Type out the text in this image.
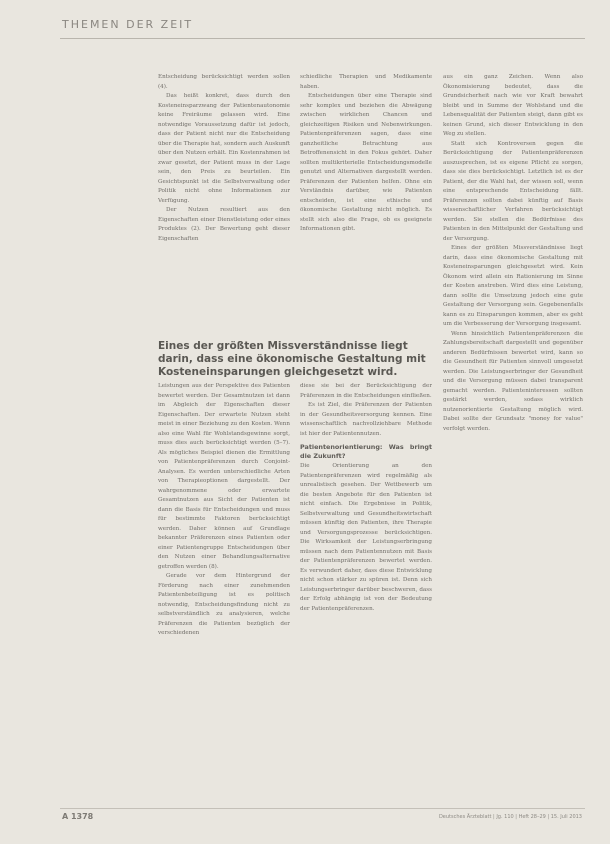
THEMEN DER ZEIT

Entscheidung berücksichtigt werden sollen (4).

Das heißt konkret, dass durch den Kosteneinsparzwang der Patientenautonomie keine Freiräume gelassen wird. Eine notwendige Voraussetzung dafür ist jedoch, dass der Patient nicht nur die Entscheidung über die Therapie hat, sondern auch Auskunft über den Nutzen erhält. Ein Kostenrahmen ist zwar gesetzt, der Patient muss in der Lage sein, den Preis zu beurteilen. Ein Gesichtspunkt ist die Selbstverwaltung oder Politik nicht ohne Informationen zur Verfügung.

Der Nutzen resultiert aus den Eigenschaften einer Dienstleistung oder eines Produktes (2). Der Bewertung geht dieser Eigenschaften

schiedliche Therapien und Medikamente haben.

Entscheidungen über eine Therapie sind sehr komplex und beziehen die Abwägung zwischen wirklichen Chancen und gleichzeitigen Risiken und Nebenwirkungen. Patientenpräferenzen sagen, dass eine ganzheitliche Betrachtung aus Betroffenensicht in den Fokus gehört. Daher sollten multikriterielle Entscheidungsmodelle genutzt und Alternativen dargestellt werden. Präferenzen der Patienten helfen. Ohne ein Verständnis darüber, wie Patienten entscheiden, ist eine ethische und ökonomische Gestaltung nicht möglich. Es stellt sich also die Frage, ob es geeignete Informationen gibt.

aus ein ganz Zeichen. Wenn also Ökonomisierung bedeutet, dass die Grundsicherheit nach wie vor Kraft bewahrt bleibt und in Summe der Wohlstand und die Lebensqualität der Patienten steigt, dann gibt es keinen Grund, sich dieser Entwicklung in den Weg zu stellen.

Statt sich Kontroversen gegen die Berücksichtigung der Patientenpräferenzen auszusprechen, ist es eigene Pflicht zu sorgen, dass sie dies berücksichtigt. Letztlich ist es der Patient, der die Wahl hat, der wissen soll, wenn eine entsprechende Entscheidung fällt. Präferenzen sollten dabei künftig auf Basis wissenschaftlicher Verfahren berücksichtigt werden. Sie stellen die Bedürfnisse des Patienten in den Mittelpunkt der Gestaltung und der Versorgung.

Eines der größten Missverständnisse liegt darin, dass eine ökonomische Gestaltung mit Kosteneinsparungen gleichgesetzt wird. Kein Ökonom wird allein ein Rationierung im Sinne der Kosten anstreben. Wird dies eine Leistung, dann sollte die Umsetzung jedoch eine gute Gestaltung der Versorgung sein. Gegebenenfalls kann es zu Einsparungen kommen, aber es geht um die Verbesserung der Versorgung insgesamt.

Wenn hinsichtlich Patientenpräferenzen die Zahlungsbereitschaft dargestellt und gegenüber anderen Bedürfnissen bewertet wird, kann so die Gesundheit für Patienten sinnvoll umgesetzt werden. Die Leistungserbringer der Gesundheit und die Versorgung müssen dabei transparent gemacht werden. Patienteninteressen sollten gestärkt werden, sodass wirklich nutzenorientierte Gestaltung möglich wird. Dabei sollte der Grundsatz "money for value" verfolgt werden.

Eines der größten Missverständnisse liegt darin, dass eine ökonomische Gestaltung mit Kosteneinsparungen gleichgesetzt wird.

Leistungen aus der Perspektive des Patienten bewertet werden. Der Gesamtnutzen ist dann im Abgleich der Eigenschaften dieser Eigenschaften. Der erwartete Nutzen steht meist in einer Beziehung zu den Kosten. Wenn also eine Wahl für Wohlstandsgewinne sorgt, muss dies auch berücksichtigt werden (5–7). Als mögliches Beispiel dienen die Ermittlung von Patientenpräferenzen durch Conjoint-Analysen. Es werden unterschiedliche Arten von Therapieoptionen dargestellt. Der wahrgenommene oder erwartete Gesamtnutzen aus Sicht der Patienten ist dann die Basis für Entscheidungen und muss für bestimmte Faktoren berücksichtigt werden. Daher können auf Grundlage bekannter Präferenzen eines Patienten oder einer Patientengruppe Entscheidungen über den Nutzen einer Behandlungsalternative getroffen werden (8).

Gerade vor dem Hintergrund der Förderung nach einer zunehmenden Patientenbeteiligung ist es politisch notwendig, Entscheidungsfindung nicht zu selbstverständlich zu analysieren, welche Präferenzen die Patienten bezüglich der verschiedenen

diese sie bei der Berücksichtigung der Präferenzen in die Entscheidungen einfließen.

Es ist Ziel, die Präferenzen der Patienten in der Gesundheitsversorgung kennen. Eine wissenschaftlich nachvollziehbare Methode ist hier der Patientennutzen.

Patientenorientierung: Was bringt die Zukunft?

Die Orientierung an den Patientenpräferenzen wird regelmäßig als unrealistisch gesehen. Der Wettbewerb um die besten Angebote für den Patienten ist nicht einfach. Die Ergebnisse in Politik, Selbstverwaltung und Gesundheitswirtschaft müssen künftig den Patienten, ihre Therapie und Versorgungsprozesse berücksichtigen. Die Wirksamkeit der Leistungserbringung müssen nach dem Patientennutzen mit Basis der Patientenpräferenzen bewertet werden. Es verwundert daher, dass diese Entwicklung nicht schon stärker zu spüren ist. Denn sich Leistungserbringer darüber beschweren, dass der Erfolg abhängig ist von der Bedeutung der Patientenpräferenzen.

A 1378	Deutsches Ärzteblatt | Jg. 110 | Heft 28–29 | 15. Juli 2013
